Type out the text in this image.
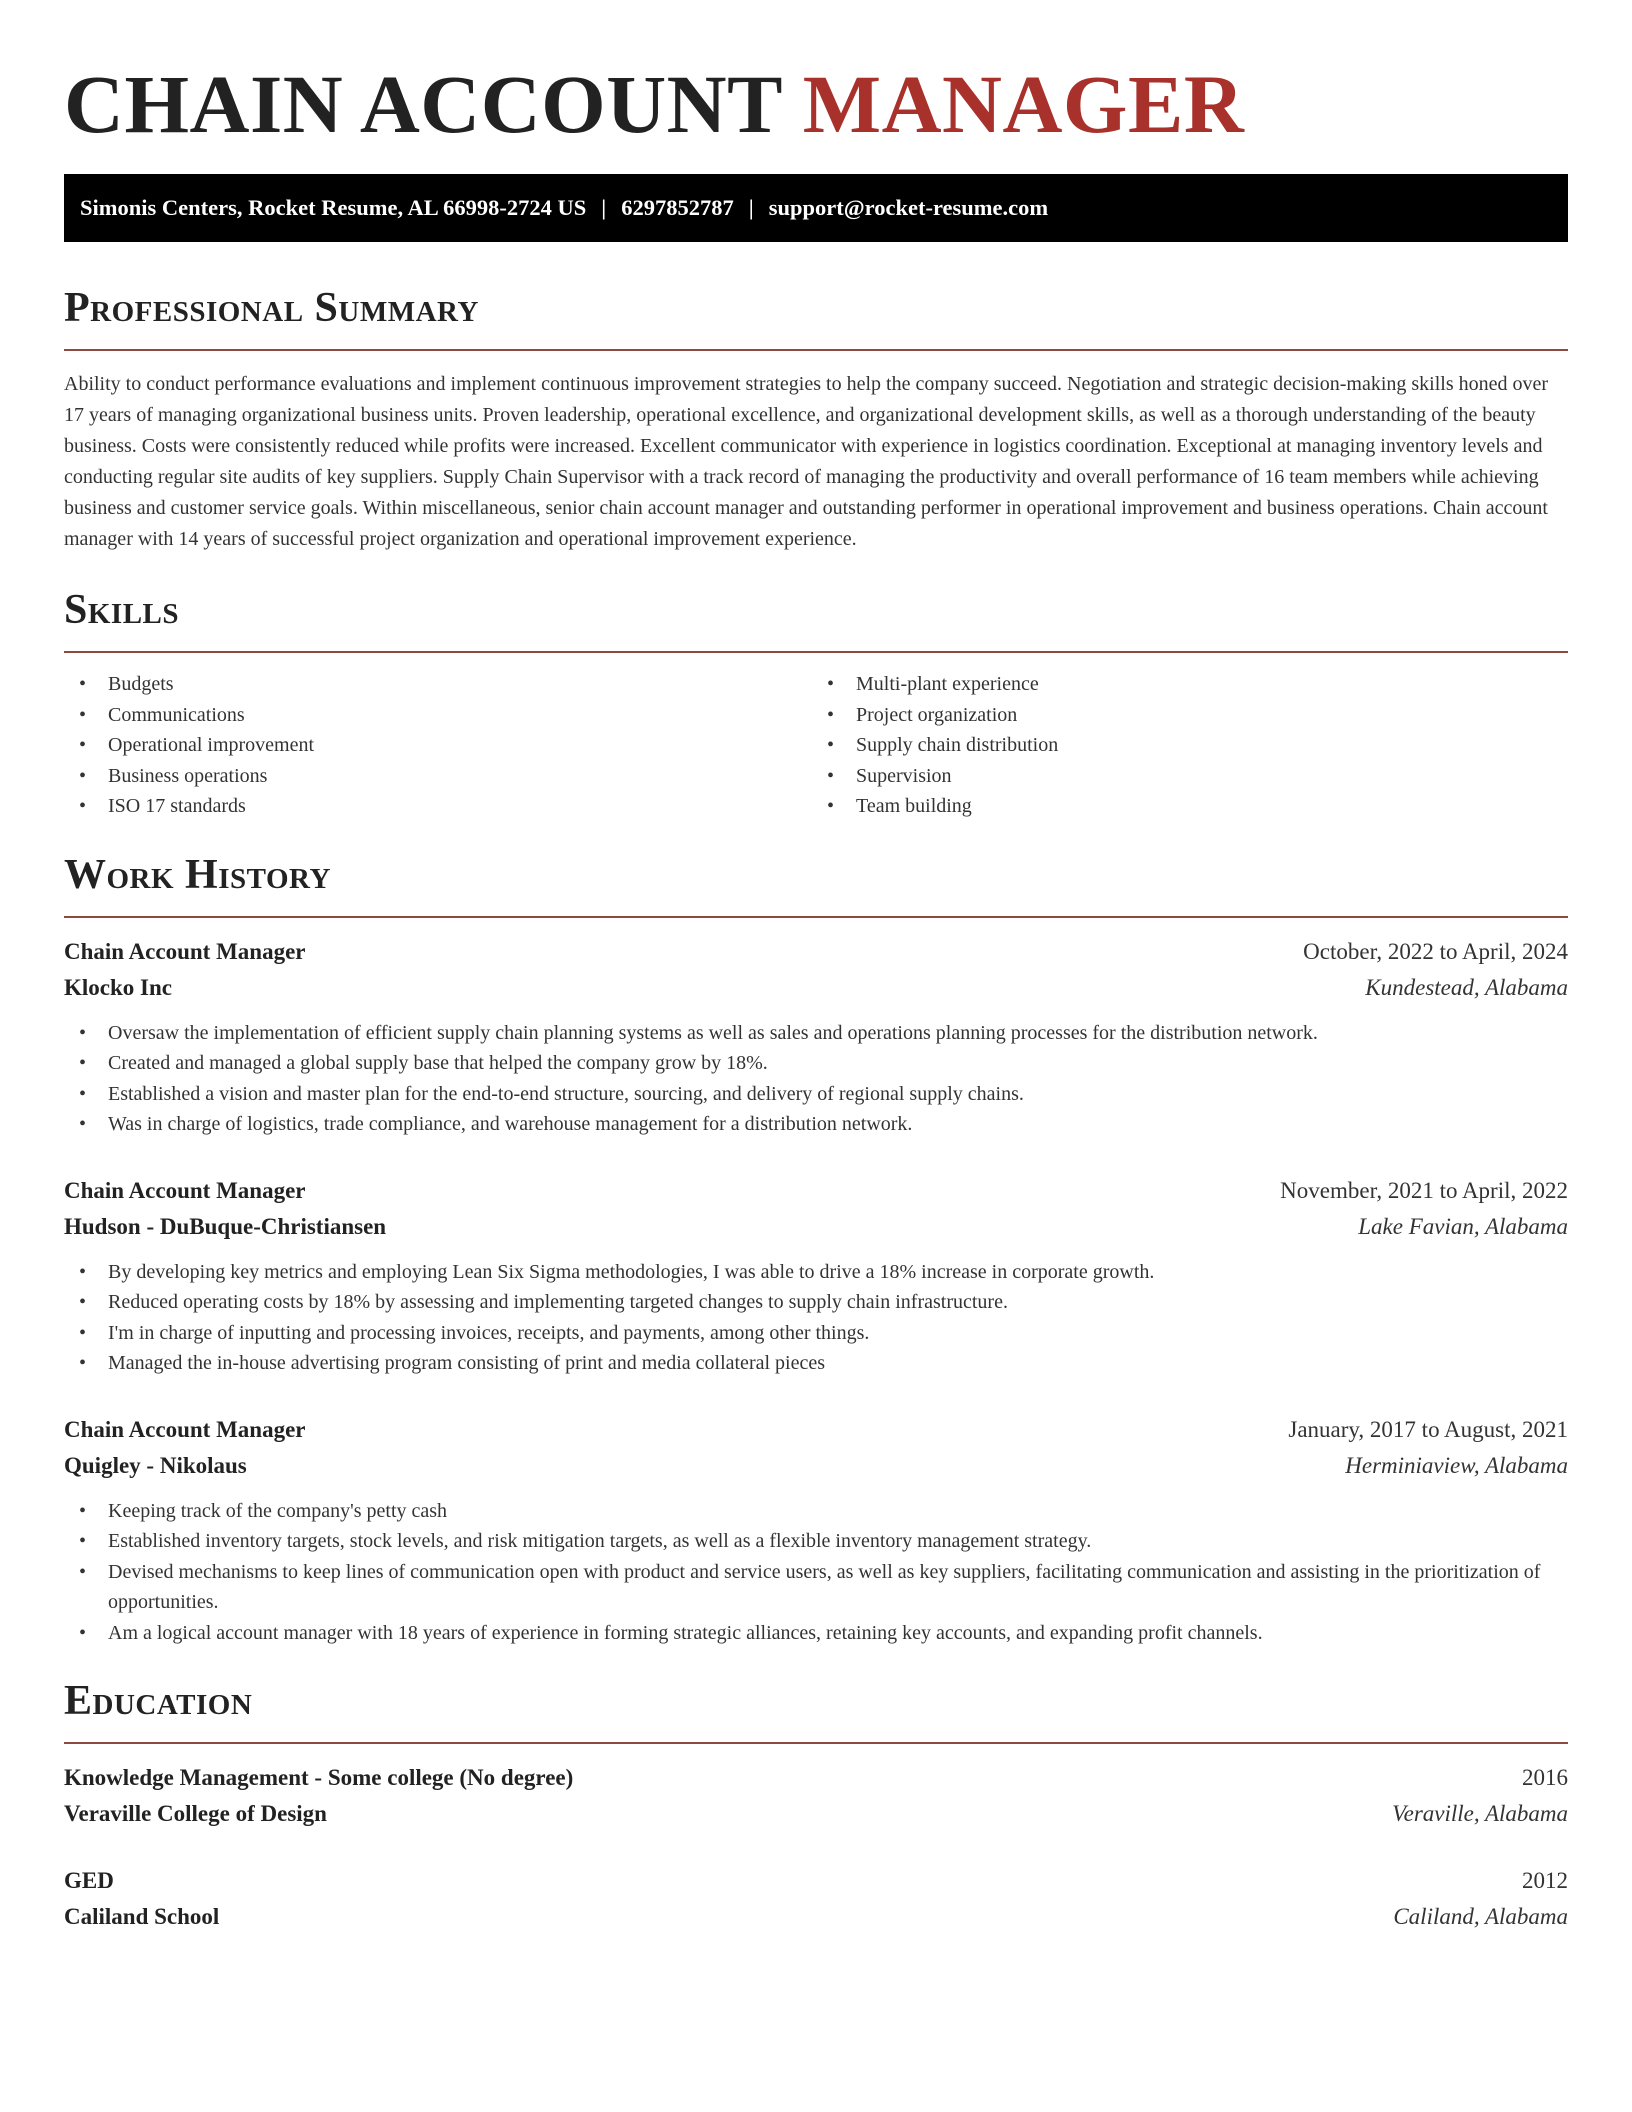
CHAIN ACCOUNT MANAGER
Simonis Centers, Rocket Resume, AL 66998-2724 US | 6297852787 | support@rocket-resume.com
Professional Summary

Ability to conduct performance evaluations and implement continuous improvement strategies to help the company succeed. Negotiation and strategic decision-making skills honed over 17 years of managing organizational business units. Proven leadership, operational excellence, and organizational development skills, as well as a thorough understanding of the beauty business. Costs were consistently reduced while profits were increased. Excellent communicator with experience in logistics coordination. Exceptional at managing inventory levels and conducting regular site audits of key suppliers. Supply Chain Supervisor with a track record of managing the productivity and overall performance of 16 team members while achieving business and customer service goals. Within miscellaneous, senior chain account manager and outstanding performer in operational improvement and business operations. Chain account manager with 14 years of successful project organization and operational improvement experience.

Skills
• Budgets
• Communications
• Operational improvement
• Business operations
• ISO 17 standards
• Multi-plant experience
• Project organization
• Supply chain distribution
• Supervision
• Team building
Work History
Chain Account Manager	October, 2022 to April, 2024
Klocko Inc	Kundestead, Alabama
• Oversaw the implementation of efficient supply chain planning systems as well as sales and operations planning processes for the distribution network.
• Created and managed a global supply base that helped the company grow by 18%.
• Established a vision and master plan for the end-to-end structure, sourcing, and delivery of regional supply chains.
• Was in charge of logistics, trade compliance, and warehouse management for a distribution network.
Chain Account Manager	November, 2021 to April, 2022
Hudson - DuBuque-Christiansen	Lake Favian, Alabama
• By developing key metrics and employing Lean Six Sigma methodologies, I was able to drive a 18% increase in corporate growth.
• Reduced operating costs by 18% by assessing and implementing targeted changes to supply chain infrastructure.
• I'm in charge of inputting and processing invoices, receipts, and payments, among other things.
• Managed the in-house advertising program consisting of print and media collateral pieces
Chain Account Manager	January, 2017 to August, 2021
Quigley - Nikolaus	Herminiaview, Alabama
• Keeping track of the company's petty cash
• Established inventory targets, stock levels, and risk mitigation targets, as well as a flexible inventory management strategy.
• Devised mechanisms to keep lines of communication open with product and service users, as well as key suppliers, facilitating communication and assisting in the prioritization of opportunities.
• Am a logical account manager with 18 years of experience in forming strategic alliances, retaining key accounts, and expanding profit channels.
Education
Knowledge Management - Some college (No degree)	2016
Veraville College of Design	Veraville, Alabama
GED	2012
Caliland School	Caliland, Alabama
